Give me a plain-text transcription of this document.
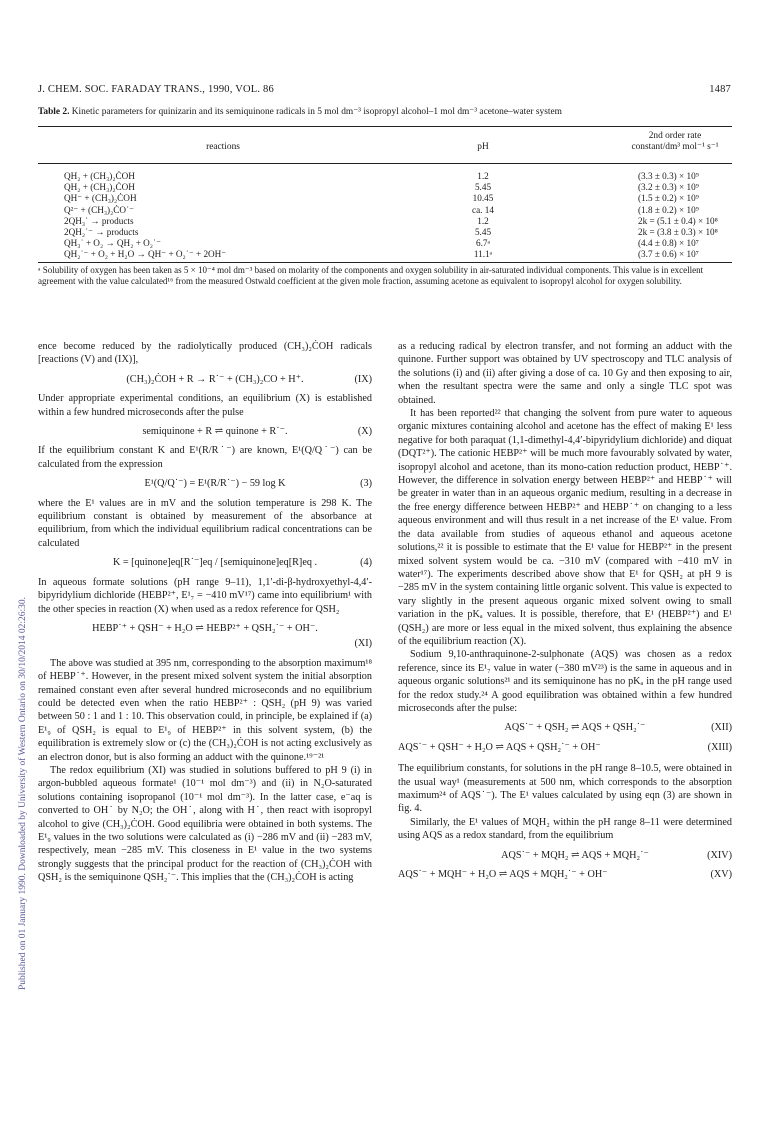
Published on 01 January 1990. Downloaded by University of Western Ontario on 30/10/2014 02:26:30.
J. CHEM. SOC. FARADAY TRANS., 1990, VOL. 86	1487
Table 2. Kinetic parameters for quinizarin and its semiquinone radicals in 5 mol dm⁻³ isopropyl alcohol–1 mol dm⁻³ acetone–water system
reactions	pH
2nd order rate
constant/dm³ mol⁻¹ s⁻¹
QH₂ + (CH₃)₂ĊOH	1.2	(3.3 ± 0.3) × 10⁹
QH₂ + (CH₃)₂ĊOH	5.45	(3.2 ± 0.3) × 10⁹
QH⁻ + (CH₃)₂ĊOH	10.45	(1.5 ± 0.2) × 10⁹
Q²⁻ + (CH₃)₂ĊO˙⁻	ca. 14	(1.8 ± 0.2) × 10⁹
2QH₃˙ → products	1.2	2k = (5.1 ± 0.4) × 10⁸
2QH₂˙⁻ → products	5.45	2k = (3.8 ± 0.3) × 10⁸
QH₃˙ + O₂ → QH₂ + O₂˙⁻	6.7ᵃ	(4.4 ± 0.8) × 10⁷
QH₂˙⁻ + O₂ + H₂O → QH⁻ + O₂˙⁻ + 2OH⁻	11.1ᵃ	(3.7 ± 0.6) × 10⁷
ᵃ Solubility of oxygen has been taken as 5 × 10⁻⁴ mol dm⁻³ based on molarity of the components and oxygen solubility in air-saturated individual components. This value is in excellent agreement with the value calculated¹⁶ from the measured Ostwald coefficient at the given mole fraction, assuming acetone as equivalent to isopropyl alcohol for oxygen solubility.

ence become reduced by the radiolytically produced (CH₃)₂ĊOH radicals [reactions (V) and (IX)],

(CH₃)₂ĊOH + R → R˙⁻ + (CH₃)₂CO + H⁺.	(IX)

Under appropriate experimental conditions, an equilibrium (X) is established within a few hundred microseconds after the pulse

semiquinone + R ⇌ quinone + R˙⁻.	(X)

If the equilibrium constant K and E¹(R/R˙⁻) are known, E¹(Q/Q˙⁻) can be calculated from the expression

E¹(Q/Q˙⁻) = E¹(R/R˙⁻) − 59 log K	(3)

where the E¹ values are in mV and the solution temperature is 298 K. The equilibrium constant is obtained by measurement of the absorbance at equilibrium, from which the individual equilibrium radical concentrations can be calculated

K = [quinone]eq[R˙⁻]eq / [semiquinone]eq[R]eq .	(4)

In aqueous formate solutions (pH range 9–11), 1,1′-di-β-hydroxyethyl-4,4′-bipyridylium dichloride (HEBP²⁺, E¹₇ = −410 mV¹⁷) came into equilibrium¹ with the other species in reaction (X) when used as a redox reference for QSH₂

HEBP˙⁺ + QSH⁻ + H₂O ⇌ HEBP²⁺ + QSH₂˙⁻ + OH⁻.
(XI)

The above was studied at 395 nm, corresponding to the absorption maximum¹⁸ of HEBP˙⁺. However, in the present mixed solvent system the initial absorption remained constant even after several hundred microseconds and no equilibrium could be detected even when the ratio HEBP²⁺ : QSH₂ (pH 9) was varied between 50 : 1 and 1 : 10. This observation could, in principle, be explained if (a) E¹₉ of QSH₂ is equal to E¹₉ of HEBP²⁺ in this solvent system, (b) the equilibration is extremely slow or (c) the (CH₃)₂ĊOH is not acting exclusively as an electron donor, but is also forming an adduct with the quinone.¹⁹⁻²¹

The redox equilibrium (XI) was studied in solutions buffered to pH 9 (i) in argon-bubbled aqueous formate¹ (10⁻¹ mol dm⁻³) and (ii) in N₂O-saturated solutions containing isopropanol (10⁻¹ mol dm⁻³). In the latter case, e⁻aq is converted to OH˙ by N₂O; the OH˙, along with H˙, then react with isopropyl alcohol to give (CH₃)₂ĊOH. Good equilibria were obtained in both systems. The E¹₉ values in the two solutions were calculated as (i) −286 mV and (ii) −283 mV, respectively, mean −285 mV. This closeness in E¹ value in the two systems strongly suggests that the principal product for the reaction of (CH₃)₂ĊOH with QSH₂ is the semiquinone QSH₂˙⁻. This implies that the (CH₃)₂ĊOH is acting

as a reducing radical by electron transfer, and not forming an adduct with the quinone. Further support was obtained by UV spectroscopy and TLC analysis of the solutions (i) and (ii) after giving a dose of ca. 10 Gy and then exposing to air, when the resultant spectra were the same and only a single TLC spot was obtained.

It has been reported²² that changing the solvent from pure water to aqueous organic mixtures containing alcohol and acetone has the effect of making E¹ less negative for both paraquat (1,1-dimethyl-4,4′-bipyridylium dichloride) and diquat (DQT²⁺). The cationic HEBP²⁺ will be much more favourably solvated by water, isopropyl alcohol and acetone, than its mono-cation reduction product, HEBP˙⁺. However, the difference in solvation energy between HEBP²⁺ and HEBP˙⁺ will be greater in water than in an aqueous organic medium, resulting in a decrease in the free energy difference between HEBP²⁺ and HEBP˙⁺ on changing to a less aqueous environment and will thus result in a net increase of the E¹ value. From the data available from studies of aqueous ethanol and aqueous acetone solutions,²² it is possible to estimate that the E¹ value for HEBP²⁺ in the present mixed solvent system would be ca. −310 mV (compared with −410 mV in water¹⁷). The experiments described above show that E¹ for QSH₂ at pH 9 is −285 mV in the system containing little organic solvent. This value is expected to vary slightly in the present aqueous organic mixed solvent owing to small variation in the pKₐ values. It is possible, therefore, that E¹ (HEBP²⁺) and E¹ (QSH₂) are more or less equal in the mixed solvent, thus explaining the absence of the equilibrium reaction (X).

Sodium 9,10-anthraquinone-2-sulphonate (AQS) was chosen as a redox reference, since its E¹₇ value in water (−380 mV²³) is the same in aqueous and in aqueous organic solutions²¹ and its semiquinone has no pKₐ in the pH range used for the redox study.²⁴ A good equilibration was obtained within a few hundred microseconds after the pulse:

AQS˙⁻ + QSH₂ ⇌ AQS + QSH₂˙⁻	(XII)
AQS˙⁻ + QSH⁻ + H₂O ⇌ AQS + QSH₂˙⁻ + OH⁻	(XIII)

The equilibrium constants, for solutions in the pH range 8–10.5, were obtained in the usual way¹ (measurements at 500 nm, which corresponds to the absorption maximum²⁴ of AQS˙⁻). The E¹ values calculated by using eqn (3) are shown in fig. 4.

Similarly, the E¹ values of MQH₂ within the pH range 8–11 were determined using AQS as a redox standard, from the equilibrium

AQS˙⁻ + MQH₂ ⇌ AQS + MQH₂˙⁻	(XIV)
AQS˙⁻ + MQH⁻ + H₂O ⇌ AQS + MQH₂˙⁻ + OH⁻	(XV)
